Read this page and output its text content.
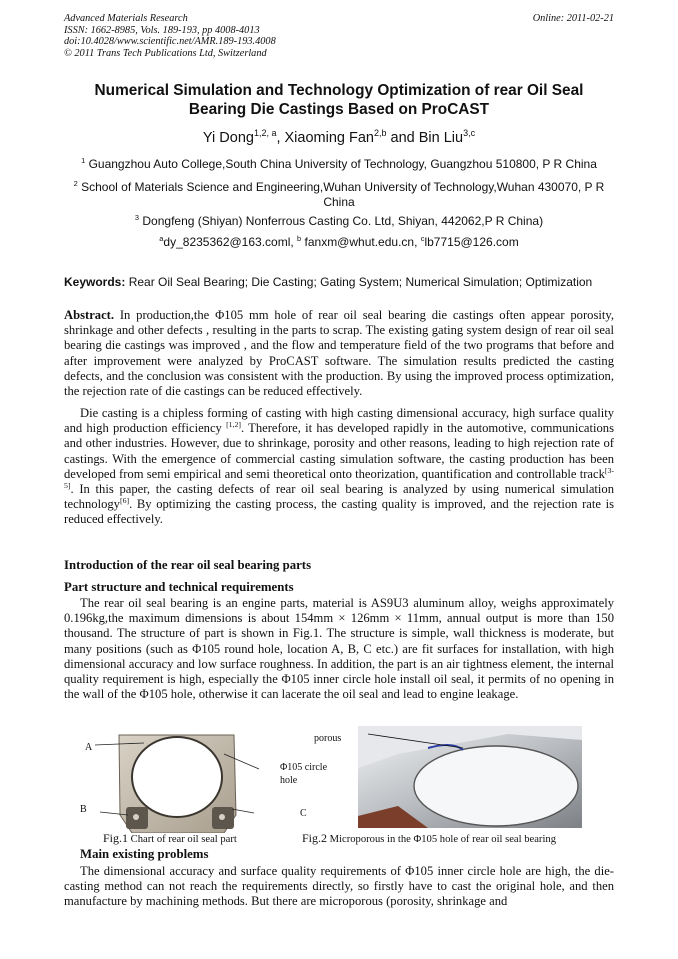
Advanced Materials Research
ISSN: 1662-8985, Vols. 189-193, pp 4008-4013
doi:10.4028/www.scientific.net/AMR.189-193.4008
© 2011 Trans Tech Publications Ltd, Switzerland
Online: 2011-02-21
Numerical Simulation and Technology Optimization of rear Oil Seal
Bearing Die Castings Based on ProCAST
Yi Dong$^{1,2, a}$, Xiaoming Fan$^{2,b}$ and Bin Liu$^{3,c}$
$^1$ Guangzhou Auto College,South China University of Technology, Guangzhou 510800, P R China
$^2$ School of Materials Science and Engineering,Wuhan University of Technology,Wuhan 430070, P R China
$^3$ Dongfeng (Shiyan) Nonferrous Casting Co. Ltd, Shiyan, 442062,P R China)
$^a$dy_8235362@163.coml, $^b$ fanxm@whut.edu.cn, $^c$lb7715@126.com
Keywords: Rear Oil Seal Bearing; Die Casting; Gating System; Numerical Simulation; Optimization
Abstract. In production,the Φ105 mm hole of rear oil seal bearing die castings often appear porosity, shrinkage and other defects , resulting in the parts to scrap. The existing gating system design of rear oil seal bearing die castings was improved , and the flow and temperature field of the two programs that before and after improvement were analyzed by ProCAST software. The simulation results predicted the casting defects, and the conclusion was consistent with the production. By using the improved process optimization, the rejection rate of die castings can be reduced effectively.
Die casting is a chipless forming of casting with high casting dimensional accuracy, high surface quality and high production efficiency [1,2]. Therefore, it has developed rapidly in the automotive, communications and other industries. However, due to shrinkage, porosity and other reasons, leading to high rejection rate of castings. With the emergence of commercial casting simulation software, the casting production has been developed from semi empirical and semi theoretical onto theorization, quantification and controllable track[3-5]. In this paper, the casting defects of rear oil seal bearing is analyzed by using numerical simulation technology[6]. By optimizing the casting process, the casting quality is improved, and the rejection rate is reduced effectively.
Introduction of the rear oil seal bearing parts
Part structure and technical requirements
The rear oil seal bearing is an engine parts, material is AS9U3 aluminum alloy, weighs approximately 0.196kg,the maximum dimensions is about 154mm × 126mm × 11mm, annual output is more than 150 thousand. The structure of part is shown in Fig.1. The structure is simple, wall thickness is moderate, but many positions (such as Φ105 round hole, location A, B, C etc.) are fit surfaces for installation, with high dimensional accuracy and low surface roughness. In addition, the part is an air tightness element, the internal quality requirement is high, especially the Φ105 inner circle hole install oil seal, it permits of no opening in the wall of the Φ105 hole, otherwise it can lacerate the oil seal and lead to engine leakage.
A
B	C
Φ105 circle
hole
porous
Fig.1 Chart of rear oil seal part	Fig.2 Microporous in the Φ105 hole of rear oil seal bearing
Main existing problems
The dimensional accuracy and surface quality requirements of Φ105 inner circle hole are high, the die-casting method can not reach the requirements directly, so firstly have to cast the original hole, and then manufacture by machining methods. But there are microporous (porosity, shrinkage and
